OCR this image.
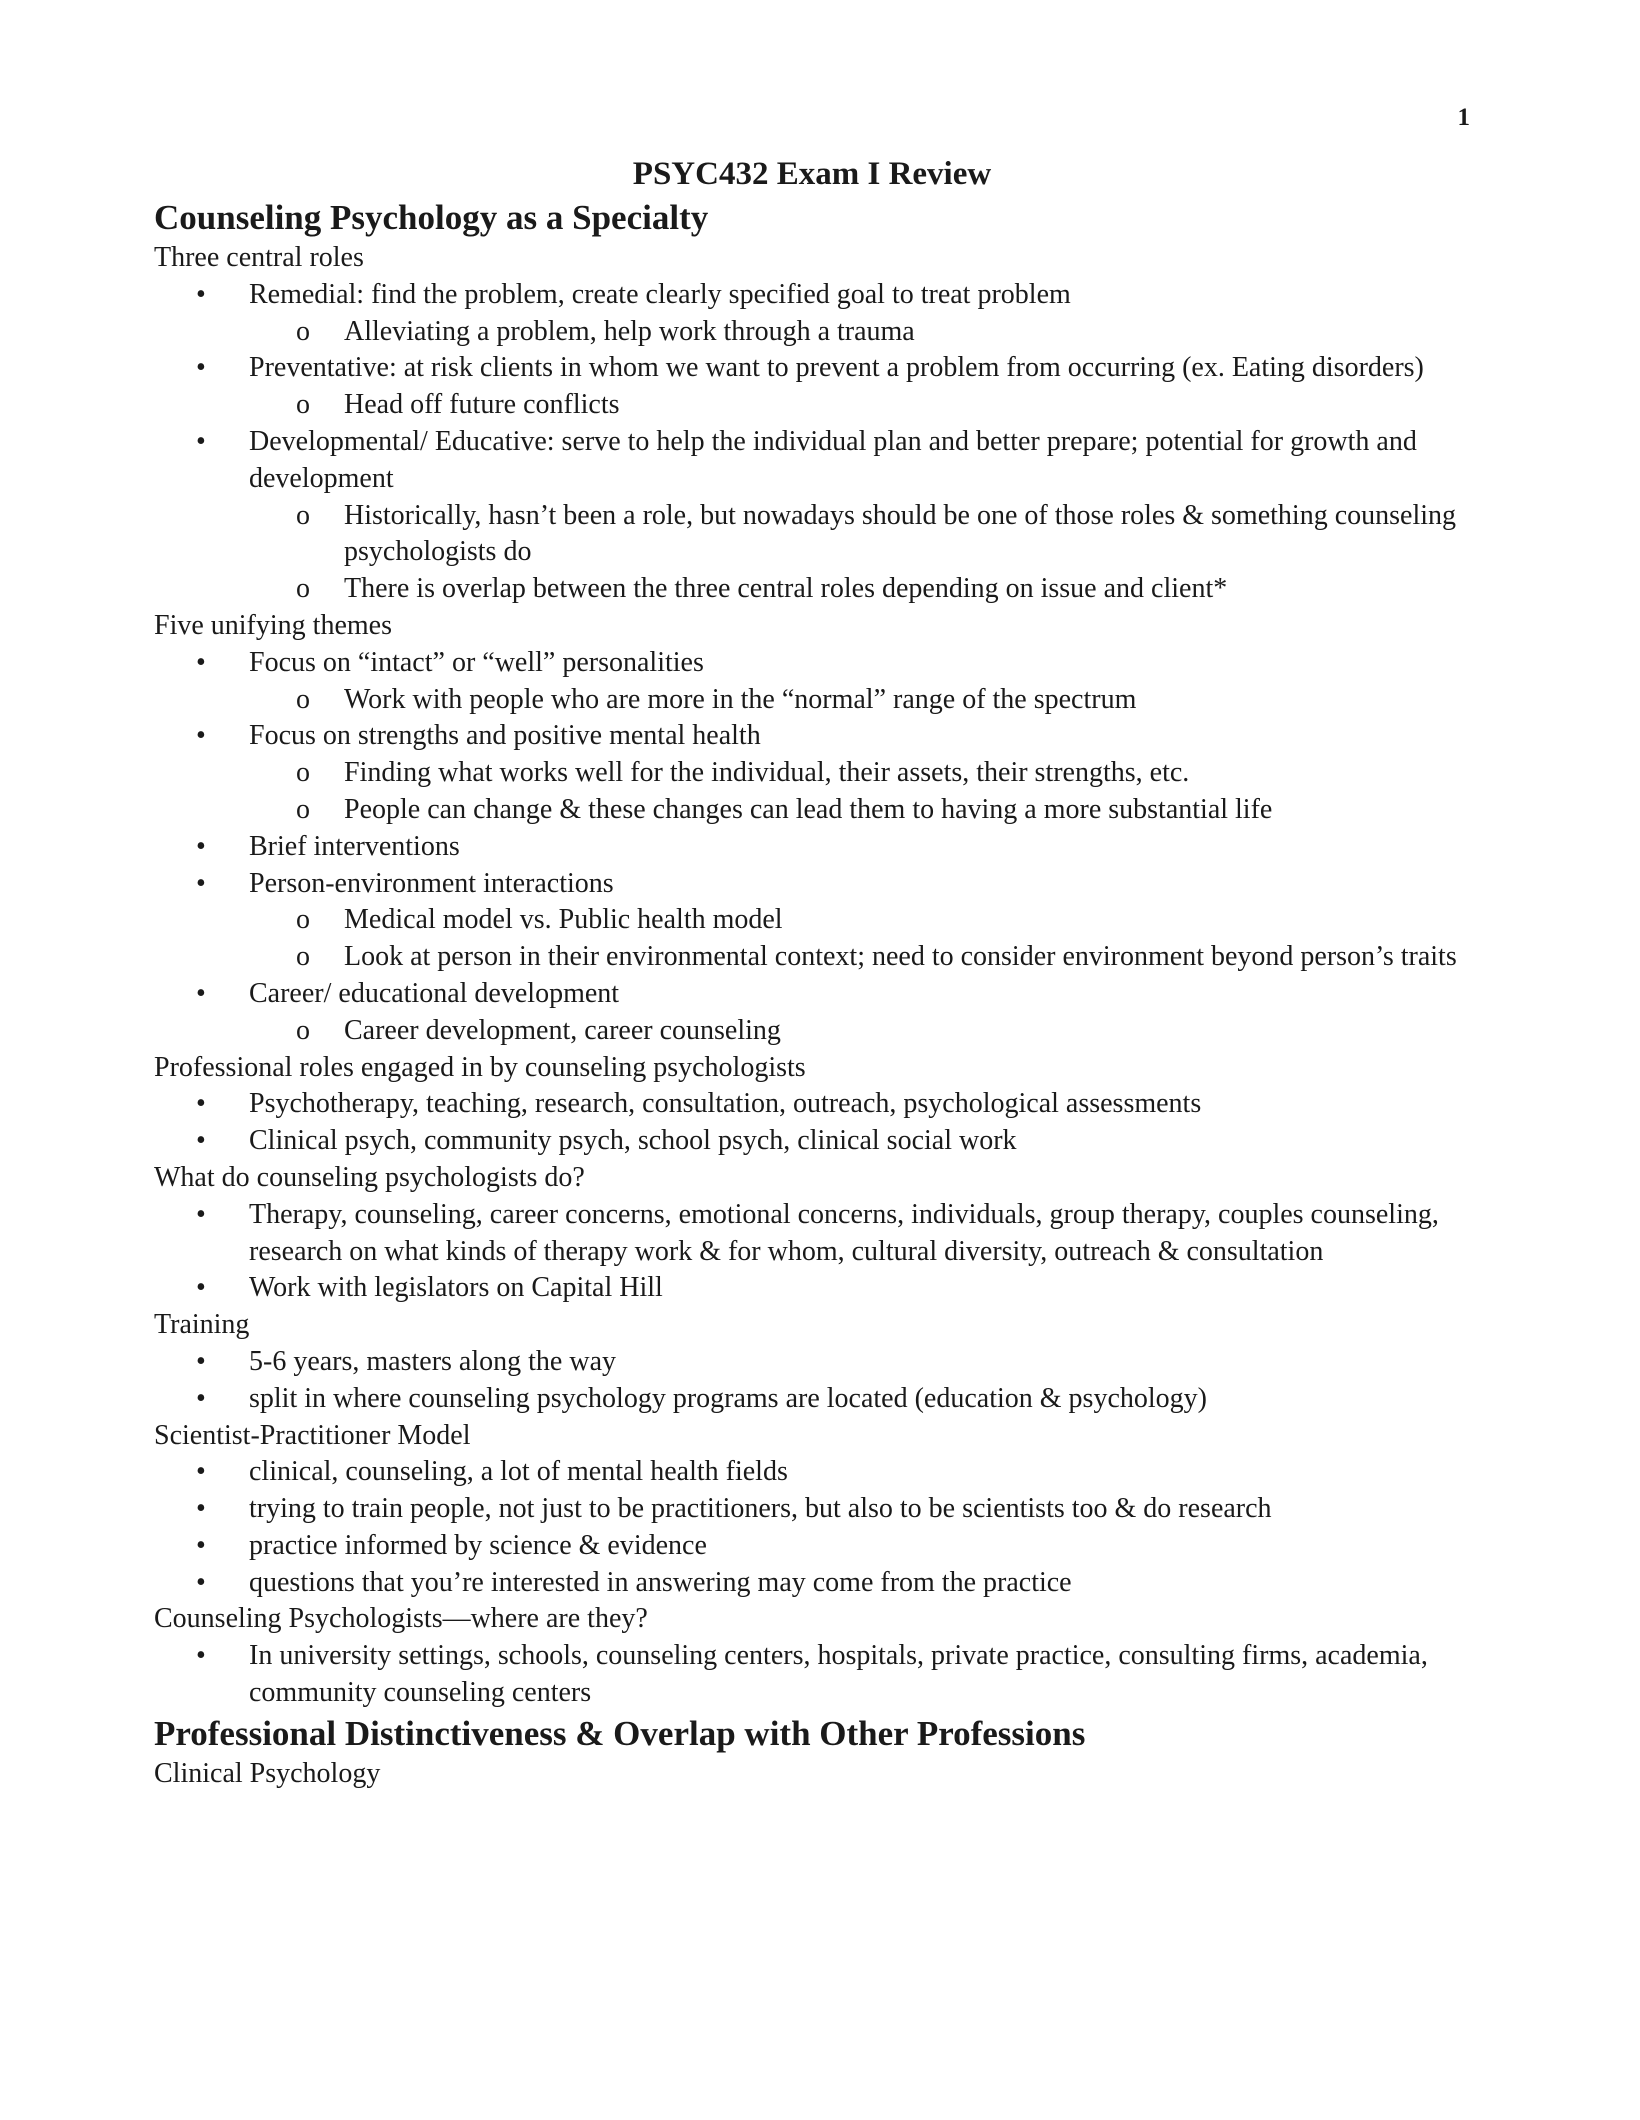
1
PSYC432 Exam I Review
Counseling Psychology as a Specialty

Three central roles

• Remedial: find the problem, create clearly specified goal to treat problem
o Alleviating a problem, help work through a trauma
• Preventative: at risk clients in whom we want to prevent a problem from occurring (ex. Eating disorders)
o Head off future conflicts
• Developmental/ Educative: serve to help the individual plan and better prepare; potential for growth and development
o Historically, hasn’t been a role, but nowadays should be one of those roles & something counseling psychologists do
o There is overlap between the three central roles depending on issue and client*

Five unifying themes

• Focus on “intact” or “well” personalities
o Work with people who are more in the “normal” range of the spectrum
• Focus on strengths and positive mental health
o Finding what works well for the individual, their assets, their strengths, etc.
o People can change & these changes can lead them to having a more substantial life
• Brief interventions
• Person-environment interactions
o Medical model vs. Public health model
o Look at person in their environmental context; need to consider environment beyond person’s traits
• Career/ educational development
o Career development, career counseling

Professional roles engaged in by counseling psychologists

• Psychotherapy, teaching, research, consultation, outreach, psychological assessments
• Clinical psych, community psych, school psych, clinical social work

What do counseling psychologists do?

• Therapy, counseling, career concerns, emotional concerns, individuals, group therapy, couples counseling, research on what kinds of therapy work & for whom, cultural diversity, outreach & consultation
• Work with legislators on Capital Hill

Training

• 5-6 years, masters along the way
• split in where counseling psychology programs are located (education & psychology)

Scientist-Practitioner Model

• clinical, counseling, a lot of mental health fields
• trying to train people, not just to be practitioners, but also to be scientists too & do research
• practice informed by science & evidence
• questions that you’re interested in answering may come from the practice

Counseling Psychologists—where are they?

• In university settings, schools, counseling centers, hospitals, private practice, consulting firms, academia, community counseling centers
Professional Distinctiveness & Overlap with Other Professions

Clinical Psychology
